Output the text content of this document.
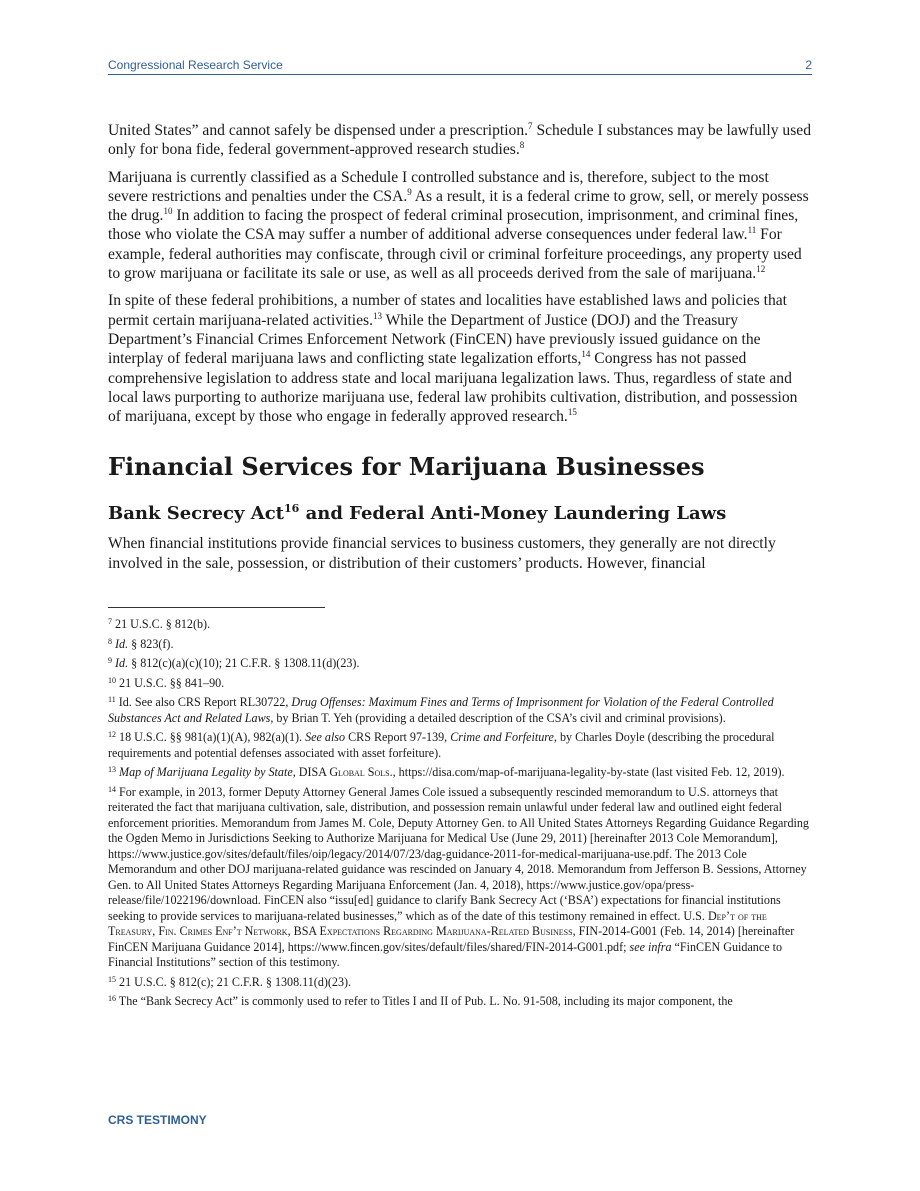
Congressional Research Service	2

United States” and cannot safely be dispensed under a prescription.$^7$ Schedule I substances may be lawfully used only for bona fide, federal government-approved research studies.$^8$

Marijuana is currently classified as a Schedule I controlled substance and is, therefore, subject to the most severe restrictions and penalties under the CSA.$^9$ As a result, it is a federal crime to grow, sell, or merely possess the drug.$^{10}$ In addition to facing the prospect of federal criminal prosecution, imprisonment, and criminal fines, those who violate the CSA may suffer a number of additional adverse consequences under federal law.$^{11}$ For example, federal authorities may confiscate, through civil or criminal forfeiture proceedings, any property used to grow marijuana or facilitate its sale or use, as well as all proceeds derived from the sale of marijuana.$^{12}$

In spite of these federal prohibitions, a number of states and localities have established laws and policies that permit certain marijuana-related activities.$^{13}$ While the Department of Justice (DOJ) and the Treasury Department’s Financial Crimes Enforcement Network (FinCEN) have previously issued guidance on the interplay of federal marijuana laws and conflicting state legalization efforts,$^{14}$ Congress has not passed comprehensive legislation to address state and local marijuana legalization laws. Thus, regardless of state and local laws purporting to authorize marijuana use, federal law prohibits cultivation, distribution, and possession of marijuana, except by those who engage in federally approved research.$^{15}$

Financial Services for Marijuana Businesses
Bank Secrecy Act$^{16}$ and Federal Anti-Money Laundering Laws

When financial institutions provide financial services to business customers, they generally are not directly involved in the sale, possession, or distribution of their customers’ products. However, financial

$^7$ 21 U.S.C. § 812(b).
$^8$ Id. § 823(f).
$^9$ Id. § 812(c)(a)(c)(10); 21 C.F.R. § 1308.11(d)(23).
$^{10}$ 21 U.S.C. §§ 841–90.
$^{11}$ Id. See also CRS Report RL30722, Drug Offenses: Maximum Fines and Terms of Imprisonment for Violation of the Federal Controlled Substances Act and Related Laws, by Brian T. Yeh (providing a detailed description of the CSA’s civil and criminal provisions).
$^{12}$ 18 U.S.C. §§ 981(a)(1)(A), 982(a)(1). See also CRS Report 97-139, Crime and Forfeiture, by Charles Doyle (describing the procedural requirements and potential defenses associated with asset forfeiture).
$^{13}$ Map of Marijuana Legality by State, DISA Global Sols., https://disa.com/map-of-marijuana-legality-by-state (last visited Feb. 12, 2019).
$^{14}$ For example, in 2013, former Deputy Attorney General James Cole issued a subsequently rescinded memorandum to U.S. attorneys that reiterated the fact that marijuana cultivation, sale, distribution, and possession remain unlawful under federal law and outlined eight federal enforcement priorities. Memorandum from James M. Cole, Deputy Attorney Gen. to All United States Attorneys Regarding Guidance Regarding the Ogden Memo in Jurisdictions Seeking to Authorize Marijuana for Medical Use (June 29, 2011) [hereinafter 2013 Cole Memorandum], https://www.justice.gov/sites/default/files/oip/legacy/2014/07/23/dag-guidance-2011-for-medical-marijuana-use.pdf. The 2013 Cole Memorandum and other DOJ marijuana-related guidance was rescinded on January 4, 2018. Memorandum from Jefferson B. Sessions, Attorney Gen. to All United States Attorneys Regarding Marijuana Enforcement (Jan. 4, 2018), https://www.justice.gov/opa/press-release/file/1022196/download. FinCEN also “issu[ed] guidance to clarify Bank Secrecy Act (‘BSA’) expectations for financial institutions seeking to provide services to marijuana-related businesses,” which as of the date of this testimony remained in effect. U.S. Dep’t of the Treasury, Fin. Crimes Enf’t Network, BSA Expectations Regarding Marijuana-Related Business, FIN-2014-G001 (Feb. 14, 2014) [hereinafter FinCEN Marijuana Guidance 2014], https://www.fincen.gov/sites/default/files/shared/FIN-2014-G001.pdf; see infra “FinCEN Guidance to Financial Institutions” section of this testimony.
$^{15}$ 21 U.S.C. § 812(c); 21 C.F.R. § 1308.11(d)(23).
$^{16}$ The “Bank Secrecy Act” is commonly used to refer to Titles I and II of Pub. L. No. 91-508, including its major component, the
CRS TESTIMONY
